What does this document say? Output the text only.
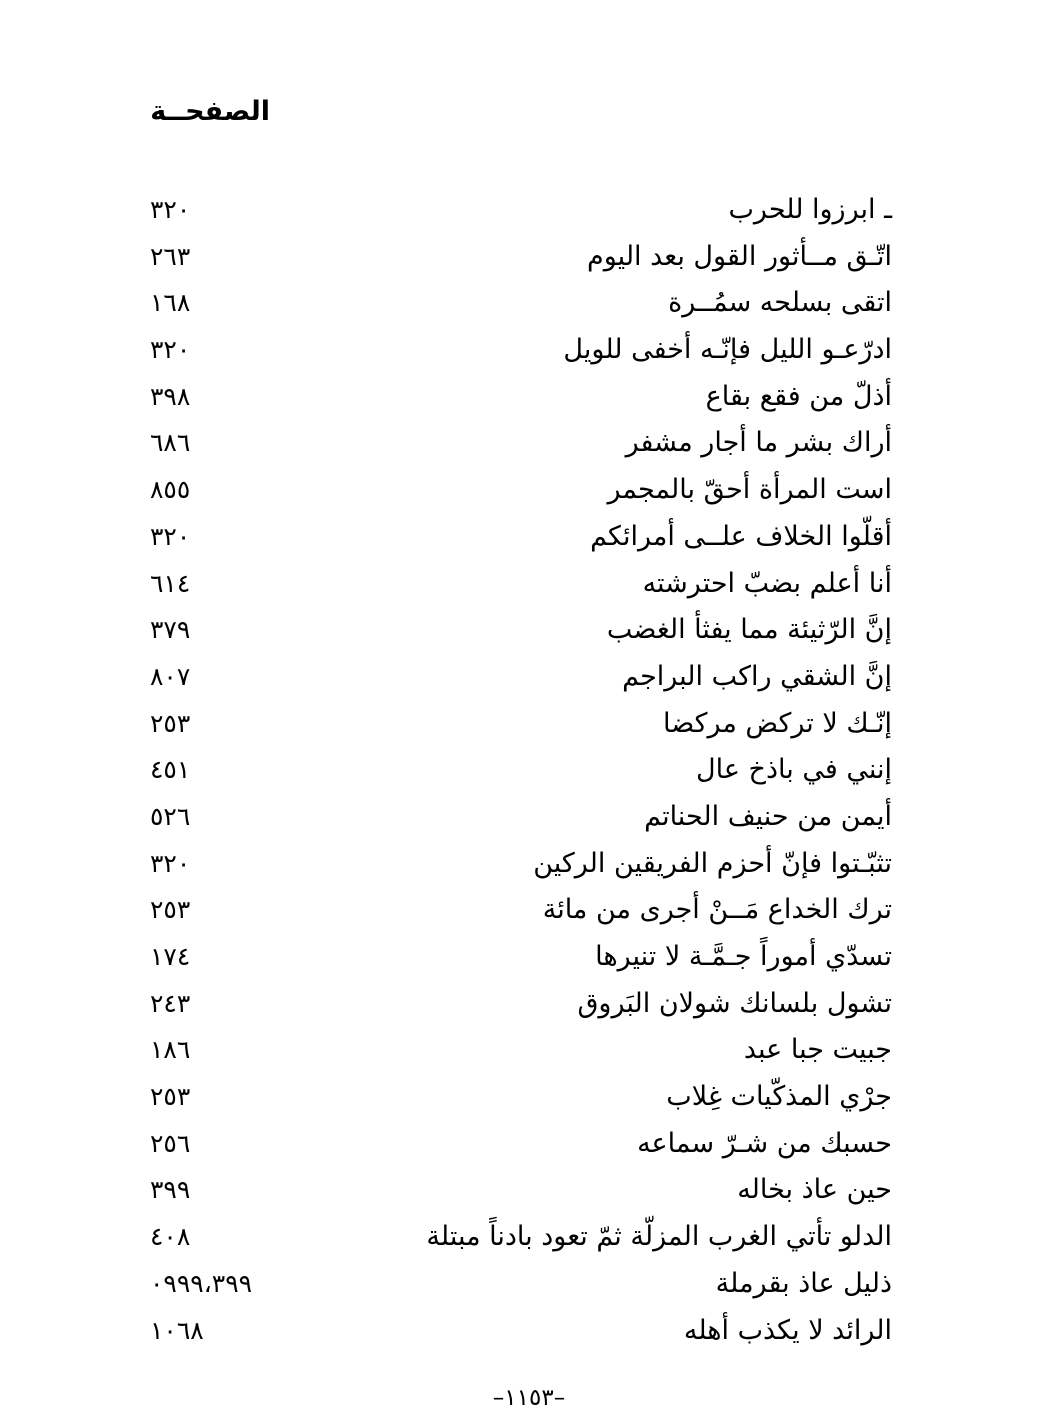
الصفحــة
ـ ابرزوا للحرب
٣٢٠
اتّـق مــأثور القول بعد اليوم
٢٦٣
اتقى بسلحه سمُــرة
١٦٨
ادرّعـو الليل فإنّـه أخفى للويل
٣٢٠
أذلّ من فقع بقاع
٣٩٨
أراك بشر ما أجار مشفر
٦٨٦
است المرأة أحقّ بالمجمر
٨٥٥
أقلّوا الخلاف علــى أمرائكم
٣٢٠
أنا أعلم بضبّ احترشته
٦١٤
إنَّ الرّثيئة مما يفثأ الغضب
٣٧٩
إنَّ الشقي راكب البراجم
٨٠٧
إنّـك لا تركض مركضا
٢٥٣
إنني في باذخ عال
٤٥١
أيمن من حنيف الحناتم
٥٢٦
تثبّـتوا فإنّ أحزم الفريقين الركين
٣٢٠
ترك الخداع مَــنْ أجرى من مائة
٢٥٣
تسدّي أموراً جـمَّـة لا تنيرها
١٧٤
تشول بلسانك شولان البَروق
٢٤٣
جبيت جبا عبد
١٨٦
جرْي المذكّيات غِلاب
٢٥٣
حسبك من شـرّ سماعه
٢٥٦
حين عاذ بخاله
٣٩٩
الدلو تأتي الغرب المزلّة ثمّ تعود بادناً مبتلة
٤٠٨
ذليل عاذ بقرملة
٠٩٩٩،٣٩٩
الرائد لا يكذب أهله
١٠٦٨
–١١٥٣–
